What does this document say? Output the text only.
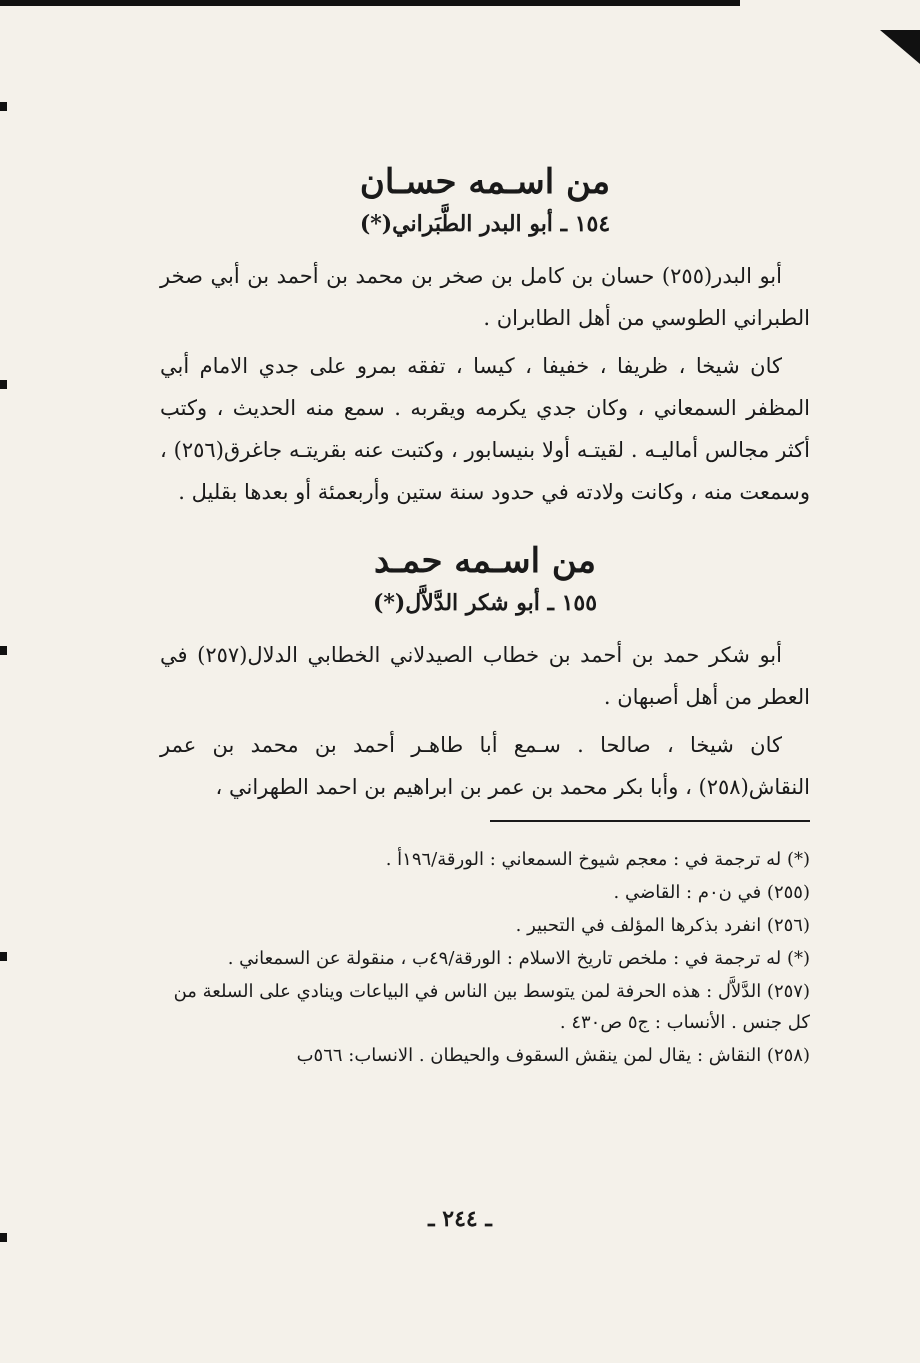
من اسـمه حسـان
١٥٤ ـ أبو البدر الطَّبَراني(*)

أبو البدر(٢٥٥) حسان بن كامل بن صخر بن محمد بن أحمد بن أبي صخر الطبراني الطوسي من أهل الطابران .

كان شيخا ، ظريفا ، خفيفا ، كيسا ، تفقه بمرو على جدي الامام أبي المظفر السمعاني ، وكان جدي يكرمه ويقربه . سمع منه الحديث ، وكتب أكثر مجالس أماليـه . لقيتـه أولا بنيسابور ، وكتبت عنه بقريتـه جاغرق(٢٥٦) ، وسمعت منه ، وكانت ولادته في حدود سنة ستين وأربعمئة أو بعدها بقليل .

من اسـمه حمـد
١٥٥ ـ أبو شكر الدَّلاَّل(*)

أبو شكر حمد بن أحمد بن خطاب الصيدلاني الخطابي الدلال(٢٥٧) في العطر من أهل أصبهان .

كان شيخا ، صالحا . سـمع أبا طاهـر أحمد بن محمد بن عمر النقاش(٢٥٨) ، وأبا بكر محمد بن عمر بن ابراهيم بن احمد الطهراني ،

(*) له ترجمة في : معجم شيوخ السمعاني : الورقة/١٩٦أ .

(٢٥٥) في ن٠م : القاضي .

(٢٥٦) انفرد بذكرها المؤلف في التحبير .

(*) له ترجمة في : ملخص تاريخ الاسلام : الورقة/٤٩ب ، منقولة عن السمعاني .

(٢٥٧) الدَّلاَّل : هذه الحرفة لمن يتوسط بين الناس في البياعات وينادي على السلعة من كل جنس . الأنساب : ج٥ ص٤٣٠ .

(٢٥٨) النقاش : يقال لمن ينقش السقوف والحيطان . الانساب: ٥٦٦ب

ـ ٢٤٤ ـ
